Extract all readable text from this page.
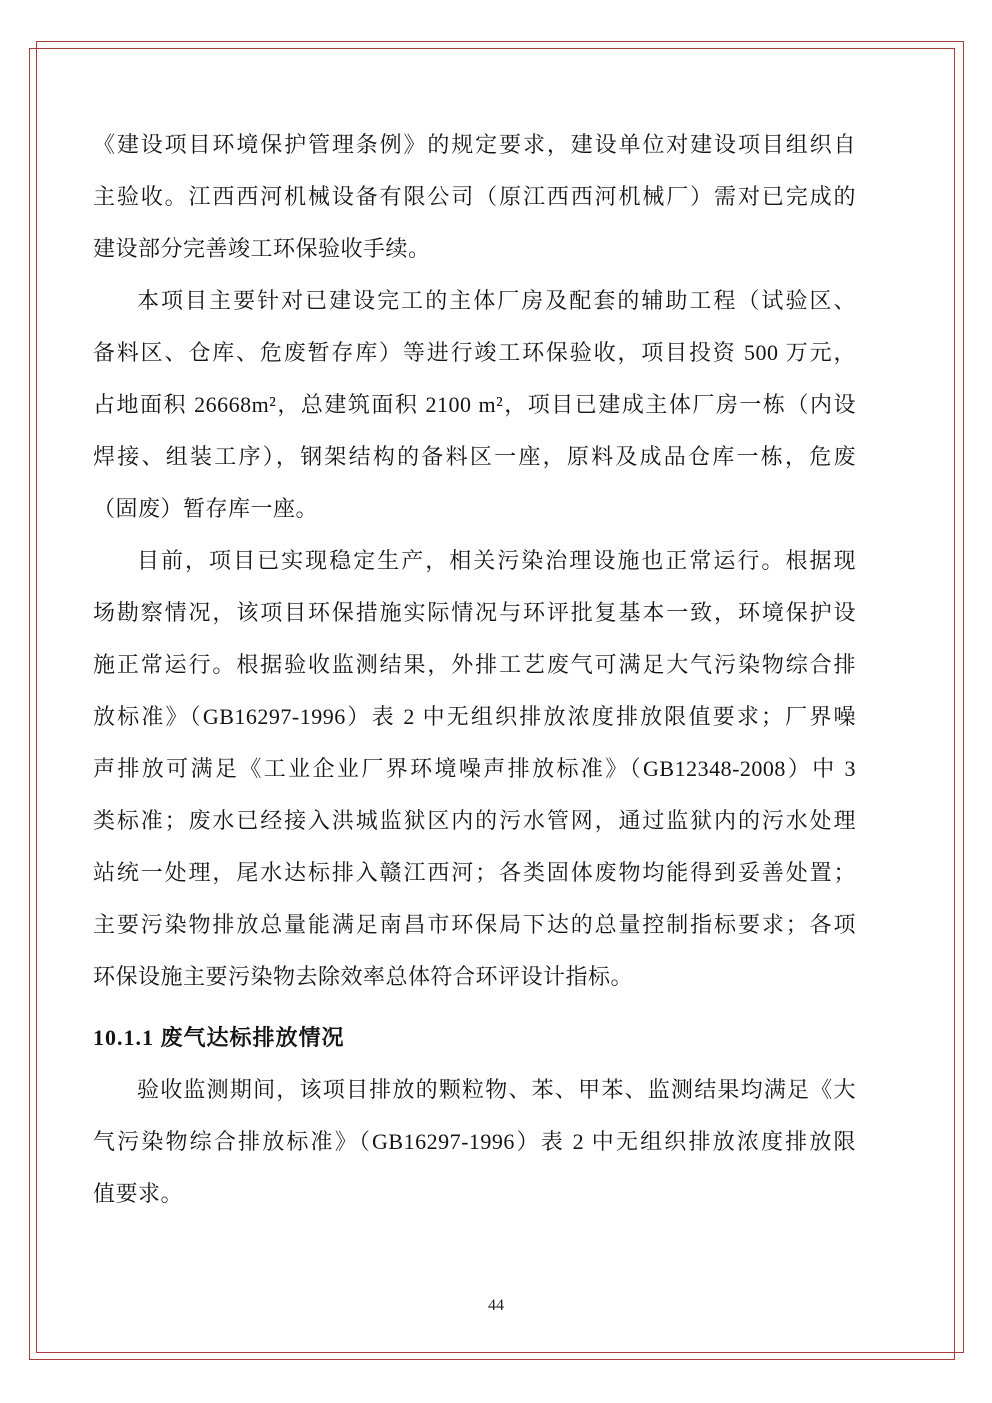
《建设项目环境保护管理条例》的规定要求，建设单位对建设项目组织自
主验收。江西西河机械设备有限公司（原江西西河机械厂）需对已完成的
建设部分完善竣工环保验收手续。
本项目主要针对已建设完工的主体厂房及配套的辅助工程（试验区、
备料区、仓库、危废暂存库）等进行竣工环保验收，项目投资 500 万元，
占地面积 26668m²，总建筑面积 2100 m²，项目已建成主体厂房一栋（内设
焊接、组装工序），钢架结构的备料区一座，原料及成品仓库一栋，危废
（固废）暂存库一座。
目前，项目已实现稳定生产，相关污染治理设施也正常运行。根据现
场勘察情况，该项目环保措施实际情况与环评批复基本一致，环境保护设
施正常运行。根据验收监测结果，外排工艺废气可满足大气污染物综合排
放标准》（GB16297-1996）表 2 中无组织排放浓度排放限值要求；厂界噪
声排放可满足《工业企业厂界环境噪声排放标准》（GB12348-2008）中 3
类标准；废水已经接入洪城监狱区内的污水管网，通过监狱内的污水处理
站统一处理，尾水达标排入赣江西河；各类固体废物均能得到妥善处置；
主要污染物排放总量能满足南昌市环保局下达的总量控制指标要求；各项
环保设施主要污染物去除效率总体符合环评设计指标。
10.1.1 废气达标排放情况
验收监测期间，该项目排放的颗粒物、苯、甲苯、监测结果均满足《大
气污染物综合排放标准》（GB16297-1996）表 2 中无组织排放浓度排放限
值要求。
44
